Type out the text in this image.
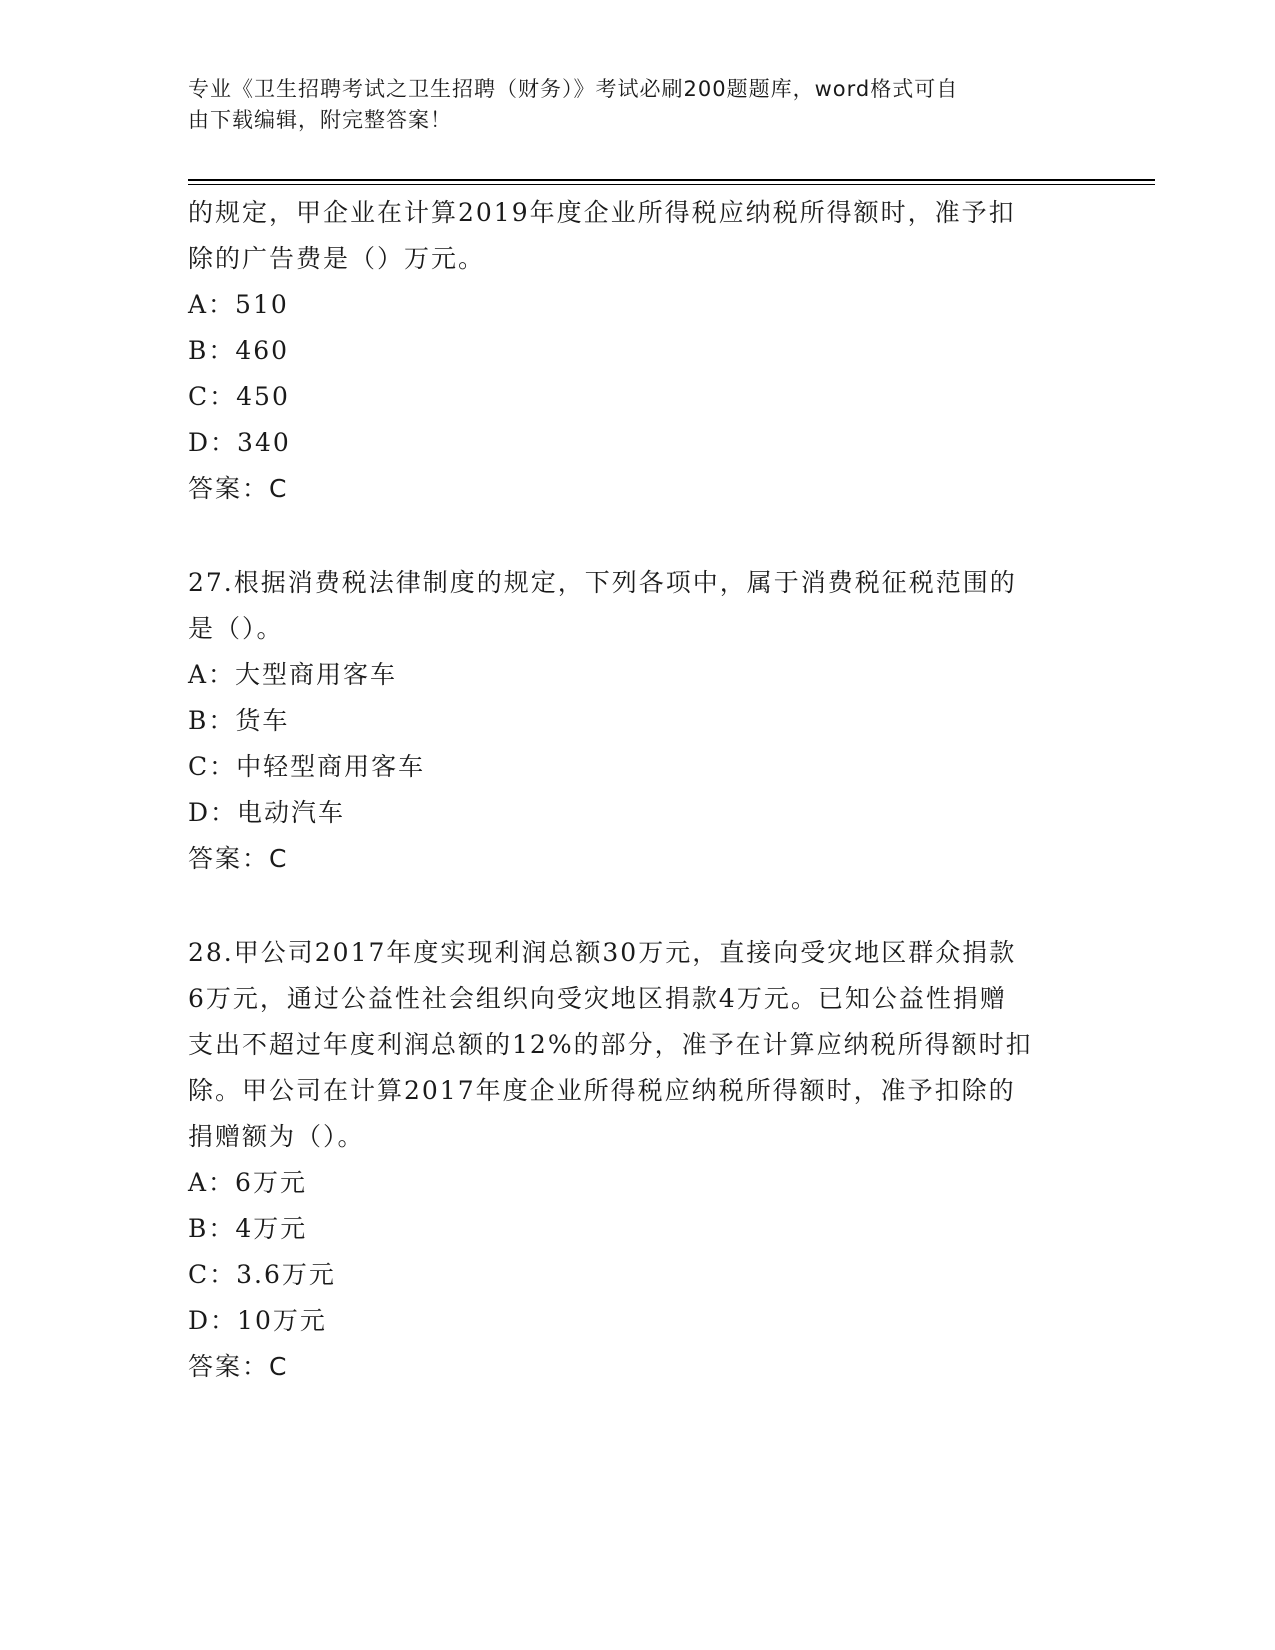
专业《卫生招聘考试之卫生招聘（财务）》考试必刷200题题库，word格式可自
由下载编辑，附完整答案！
的规定，甲企业在计算2019年度企业所得税应纳税所得额时，准予扣
除的广告费是（）万元。
A：510
B：460
C：450
D：340
答案：C
27.根据消费税法律制度的规定，下列各项中，属于消费税征税范围的
是（）。
A：大型商用客车
B：货车
C：中轻型商用客车
D：电动汽车
答案：C
28.甲公司2017年度实现利润总额30万元，直接向受灾地区群众捐款
6万元，通过公益性社会组织向受灾地区捐款4万元。已知公益性捐赠
支出不超过年度利润总额的12%的部分，准予在计算应纳税所得额时扣
除。甲公司在计算2017年度企业所得税应纳税所得额时，准予扣除的
捐赠额为（）。
A：6万元
B：4万元
C：3.6万元
D：10万元
答案：C
